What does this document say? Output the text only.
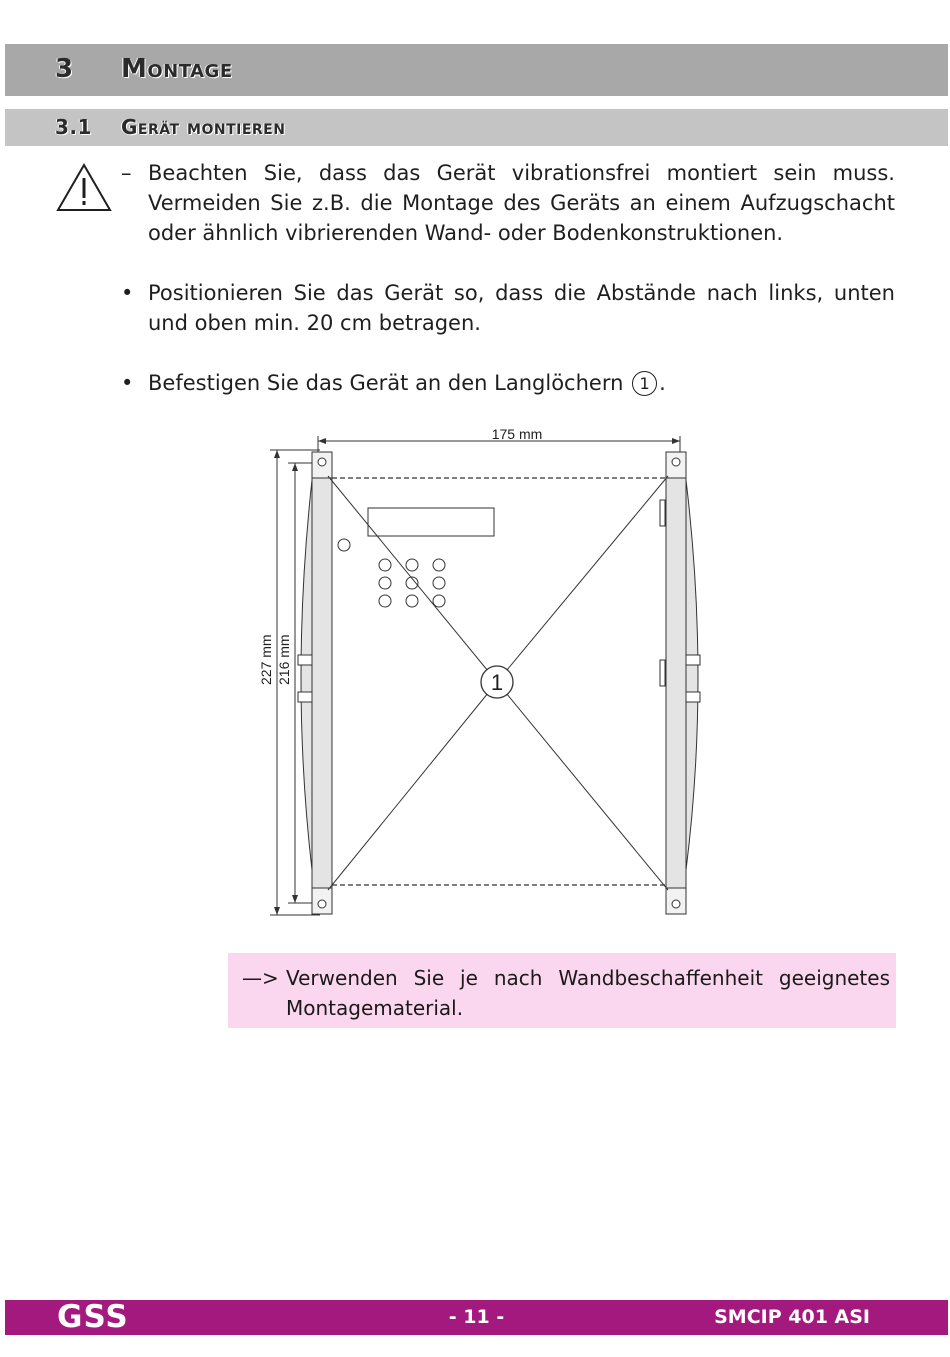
3 Montage
3.1 Gerät montieren
– Beachten Sie, dass das Gerät vibrationsfrei montiert sein muss. Vermeiden Sie z.B. die Montage des Geräts an einem Aufzugschacht oder ähnlich vibrierenden Wand- oder Bodenkonstruktionen.
• Positionieren Sie das Gerät so, dass die Abstände nach links, unten und oben min. 20 cm betragen.
• Befestigen Sie das Gerät an den Langlöchern 1 .
175 mm
227 mm 216 mm	1
—> Verwenden Sie je nach Wandbeschaffenheit geeignetes Montagematerial.
GSS	- 11 -	SMCIP 401 ASI
